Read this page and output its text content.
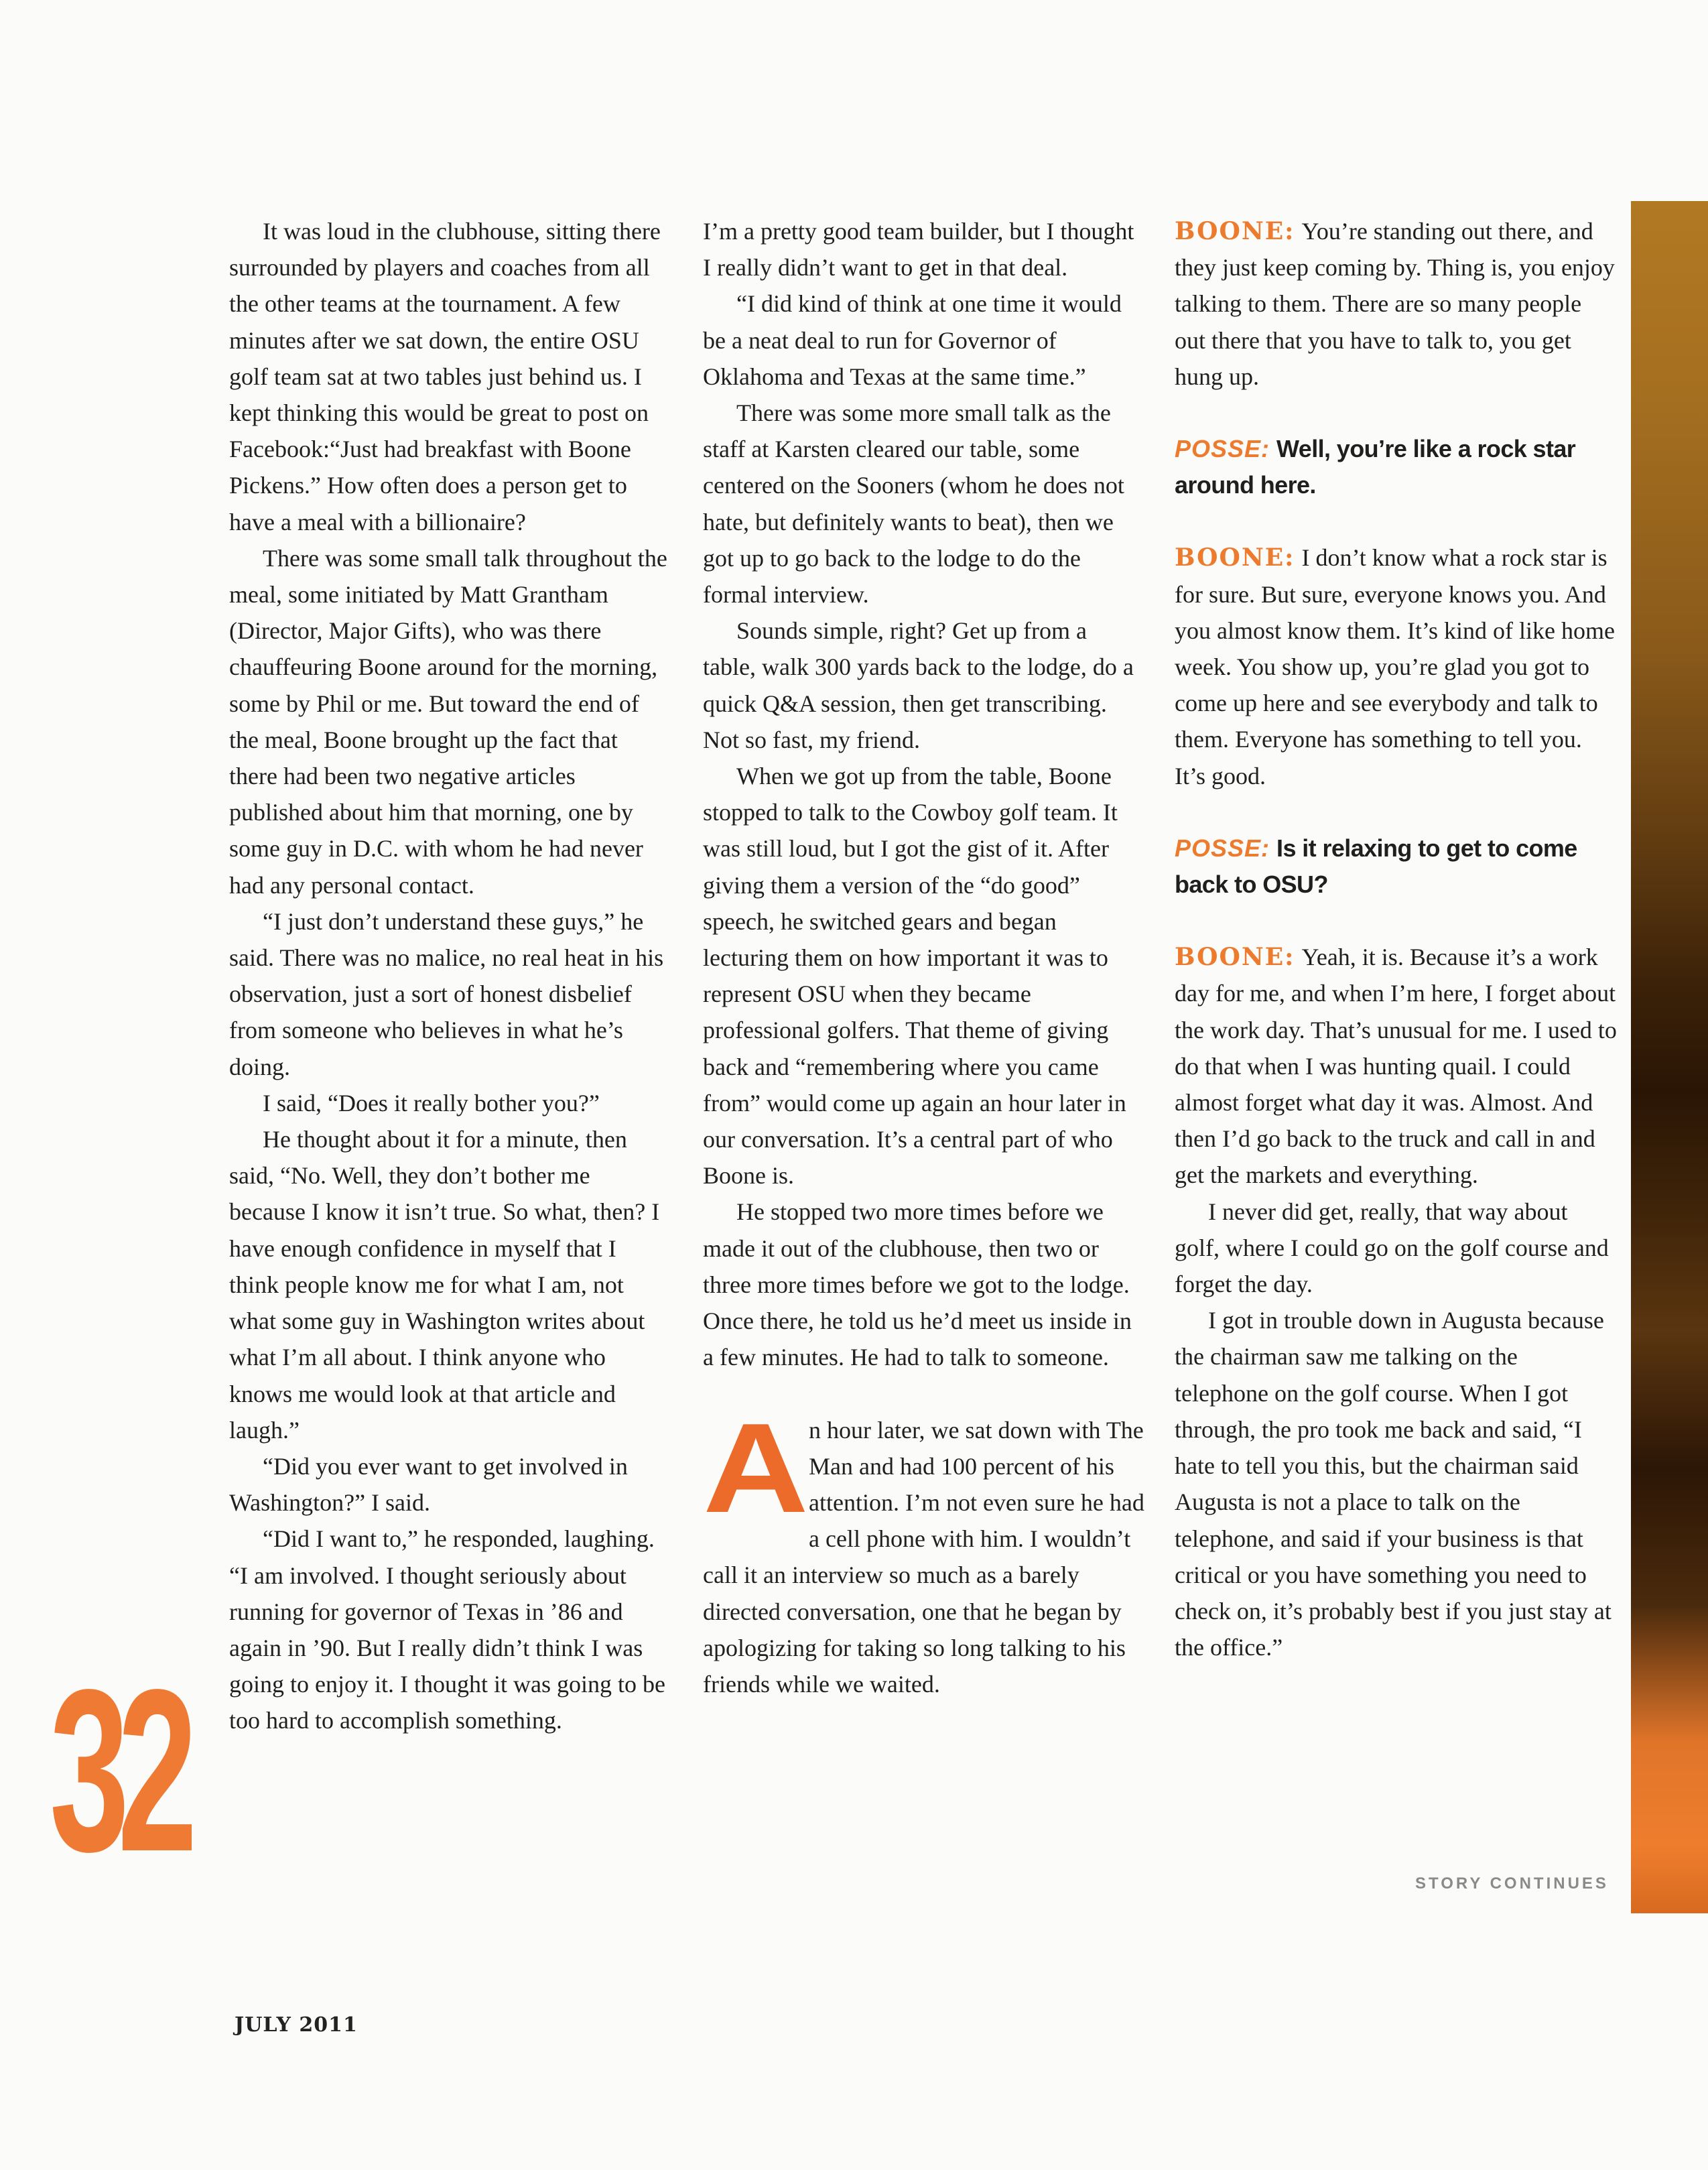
32

It was loud in the clubhouse, sitting there surrounded by players and coaches from all the other teams at the tournament. A few minutes after we sat down, the entire OSU golf team sat at two tables just behind us. I kept thinking this would be great to post on Facebook:“Just had breakfast with Boone Pickens.” How often does a person get to have a meal with a billionaire?

There was some small talk throughout the meal, some initiated by Matt Grantham (Director, Major Gifts), who was there chauffeuring Boone around for the morning, some by Phil or me. But toward the end of the meal, Boone brought up the fact that there had been two negative articles published about him that morning, one by some guy in D.C. with whom he had never had any personal contact.

“I just don’t understand these guys,” he said. There was no malice, no real heat in his observation, just a sort of honest disbelief from someone who believes in what he’s doing.

I said, “Does it really bother you?”

He thought about it for a minute, then said, “No. Well, they don’t bother me because I know it isn’t true. So what, then? I have enough confidence in myself that I think people know me for what I am, not what some guy in Washington writes about what I’m all about. I think anyone who knows me would look at that article and laugh.”

“Did you ever want to get involved in Washington?” I said.

“Did I want to,” he responded, laughing. “I am involved. I thought seriously about running for governor of Texas in ’86 and again in ’90. But I really didn’t think I was going to enjoy it. I thought it was going to be too hard to accomplish something.

I’m a pretty good team builder, but I thought I really didn’t want to get in that deal.

“I did kind of think at one time it would be a neat deal to run for Governor of Oklahoma and Texas at the same time.”

There was some more small talk as the staff at Karsten cleared our table, some centered on the Sooners (whom he does not hate, but definitely wants to beat), then we got up to go back to the lodge to do the formal interview.

Sounds simple, right? Get up from a table, walk 300 yards back to the lodge, do a quick Q&A session, then get transcribing. Not so fast, my friend.

When we got up from the table, Boone stopped to talk to the Cowboy golf team. It was still loud, but I got the gist of it. After giving them a version of the “do good” speech, he switched gears and began lecturing them on how important it was to represent OSU when they became professional golfers. That theme of giving back and “remembering where you came from” would come up again an hour later in our conversation. It’s a central part of who Boone is.

He stopped two more times before we made it out of the clubhouse, then two or three more times before we got to the lodge. Once there, he told us he’d meet us inside in a few minutes. He had to talk to someone.

An hour later, we sat down with The Man and had 100 percent of his attention. I’m not even sure he had a cell phone with him. I wouldn’t call it an interview so much as a barely directed conversation, one that he began by apologizing for taking so long talking to his friends while we waited.

BOONE: You’re standing out there, and they just keep coming by. Thing is, you enjoy talking to them. There are so many people out there that you have to talk to, you get hung up.

POSSE: Well, you’re like a rock star around here.

BOONE: I don’t know what a rock star is for sure. But sure, everyone knows you. And you almost know them. It’s kind of like home week. You show up, you’re glad you got to come up here and see everybody and talk to them. Everyone has something to tell you. It’s good.

POSSE: Is it relaxing to get to come back to OSU?

BOONE: Yeah, it is. Because it’s a work day for me, and when I’m here, I forget about the work day. That’s unusual for me. I used to do that when I was hunting quail. I could almost forget what day it was. Almost. And then I’d go back to the truck and call in and get the markets and everything.

I never did get, really, that way about golf, where I could go on the golf course and forget the day.

I got in trouble down in Augusta because the chairman saw me talking on the telephone on the golf course. When I got through, the pro took me back and said, “I hate to tell you this, but the chairman said Augusta is not a place to talk on the telephone, and said if your business is that critical or you have something you need to check on, it’s probably best if you just stay at the office.”

STORY CONTINUES
JULY 2011
